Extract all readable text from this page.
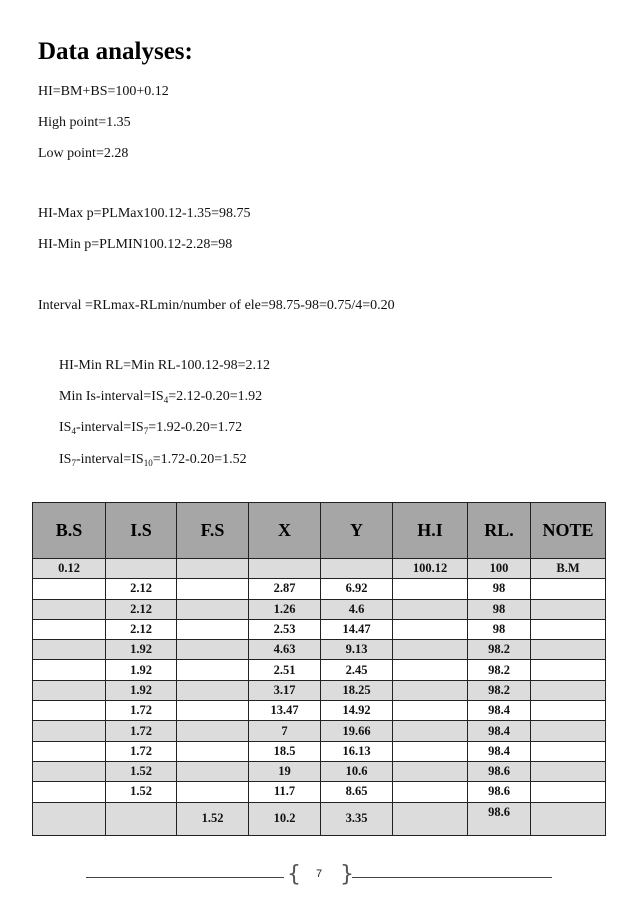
Data analyses:
HI=BM+BS=100+0.12
High point=1.35
Low point=2.28
HI-Max p=PLMax100.12-1.35=98.75
HI-Min p=PLMIN100.12-2.28=98
Interval =RLmax-RLmin/number of ele=98.75-98=0.75/4=0.20
HI-Min RL=Min RL-100.12-98=2.12
Min $Is-interval=IS_4=2.12-0.20=1.92$
$IS_4-interval=IS_7=1.92-0.20=1.72$
$IS_7-interval=IS_{10}=1.72-0.20=1.52$
B.S	I.S	F.S	X	Y	H.I	RL.	NOTE
0.12					100.12	100	B.M
	2.12		2.87	6.92		98	
	2.12		1.26	4.6		98	
	2.12		2.53	14.47		98	
	1.92		4.63	9.13		98.2	
	1.92		2.51	2.45		98.2	
	1.92		3.17	18.25		98.2	
	1.72		13.47	14.92		98.4	
	1.72		7	19.66		98.4	
	1.72		18.5	16.13		98.4	
	1.52		19	10.6		98.6	
	1.52		11.7	8.65		98.6	
		1.52	10.2	3.35		98.6	
{	7 }
